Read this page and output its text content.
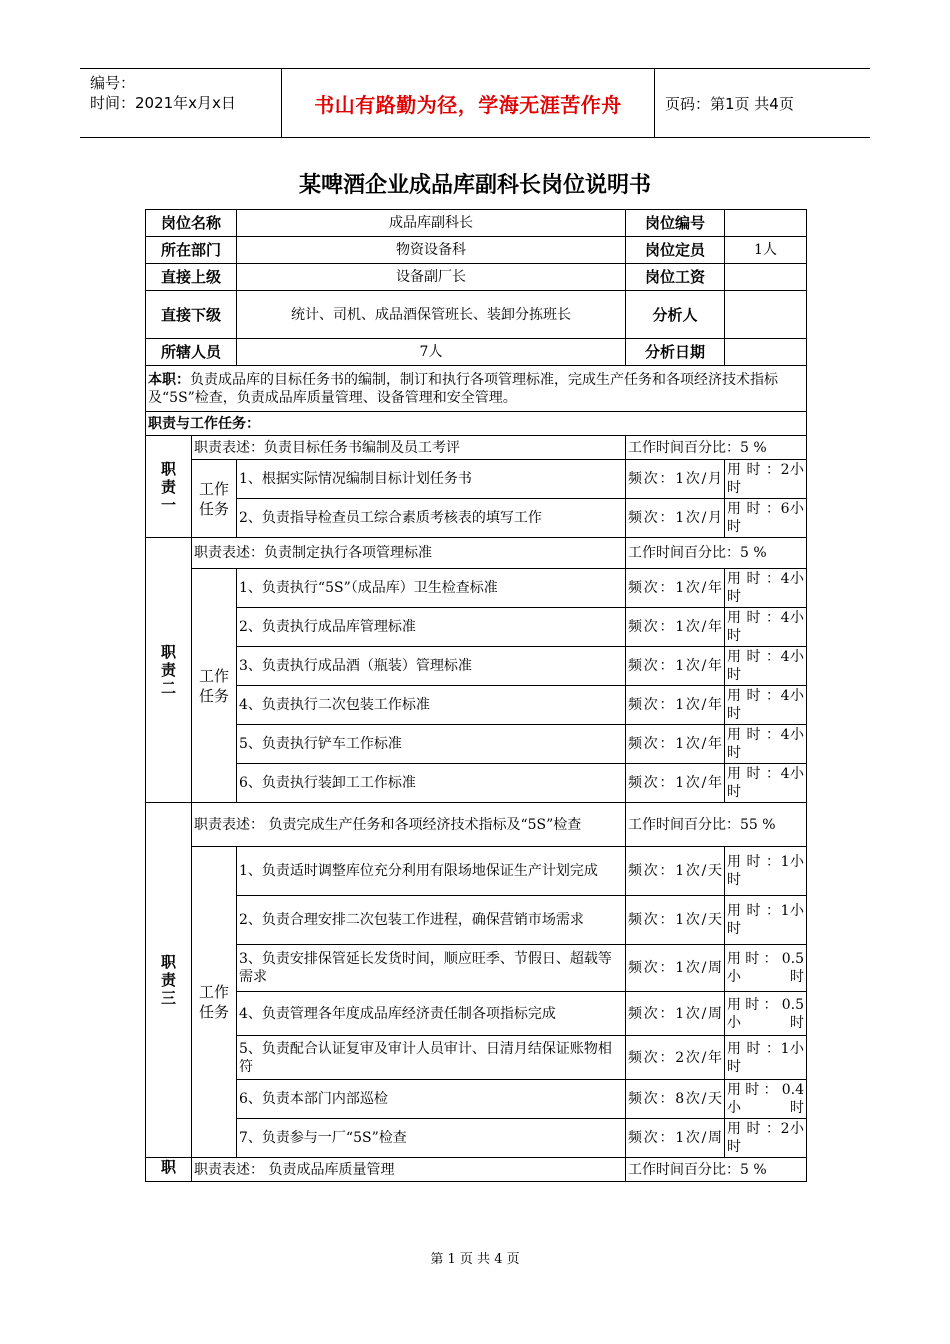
编号：
时间：2021年x月x日	书山有路勤为径，学海无涯苦作舟	页码：第1页 共4页
某啤酒企业成品库副科长岗位说明书
岗位名称		成品库副科长	岗位编号	
所在部门		物资设备科	岗位定员	1人
直接上级		设备副厂长	岗位工资	
直接下级		统计、司机、成品酒保管班长、装卸分拣班长	分析人	
所辖人员		7人	分析日期	
本职：负责成品库的目标任务书的编制，制订和执行各项管理标准，完成生产任务和各项经济技术指标及“5S”检查，负责成品库质量管理、设备管理和安全管理。				
职责与工作任务：				
职责一	职责表述：负责目标任务书编制及员工考评		工作时间百分比：5 %	
	工作任务	1、根据实际情况编制目标计划任务书	频次：1次/月	用 时 ：2小时
		2、负责指导检查员工综合素质考核表的填写工作	频次：1次/月	用 时 ：6小时
职责二	职责表述：负责制定执行各项管理标准		工作时间百分比：5 %	
	工作任务	1、负责执行“5S”（成品库）卫生检查标准	频次：1次/年	用 时 ：4小时
		2、负责执行成品库管理标准	频次：1次/年	用 时 ：4小时
		3、负责执行成品酒（瓶装）管理标准	频次：1次/年	用 时 ：4小时
		4、负责执行二次包装工作标准	频次：1次/年	用 时 ：4小时
		5、负责执行铲车工作标准	频次：1次/年	用 时 ：4小时
		6、负责执行装卸工工作标准	频次：1次/年	用 时 ：4小时
职责三	职责表述： 负责完成生产任务和各项经济技术指标及“5S”检查		工作时间百分比：55 %	
	工作任务	1、负责适时调整库位充分利用有限场地保证生产计划完成	频次：1次/天	用 时 ：1小时
		2、负责合理安排二次包装工作进程，确保营销市场需求	频次：1次/天	用 时 ：1小时
		3、负责安排保管延长发货时间，顺应旺季、节假日、超载等需求	频次：1次/周	用时：0.5小时
		4、负责管理各年度成品库经济责任制各项指标完成	频次：1次/周	用时：0.5小时
		5、负责配合认证复审及审计人员审计、日清月结保证账物相符	频次：2次/年	用 时 ：1小时
		6、负责本部门内部巡检	频次：8次/天	用时：0.4小时
		7、负责参与一厂“5S”检查	频次：1次/周	用 时 ：2小时
职	职责表述： 负责成品库质量管理		工作时间百分比：5 %	
第 1 页 共 4 页
